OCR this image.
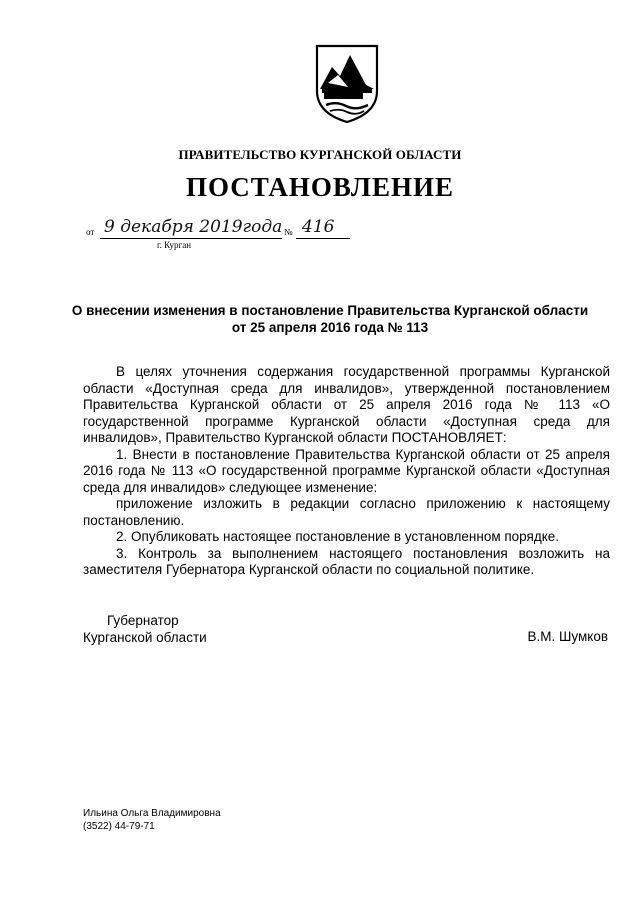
ПРАВИТЕЛЬСТВО КУРГАНСКОЙ ОБЛАСТИ
ПОСТАНОВЛЕНИЕ
от 9 декабря 2019года № 416
г. Курган
О внесении изменения в постановление Правительства Курганской области
от 25 апреля 2016 года № 113

В целях уточнения содержания государственной программы Курганской области «Доступная среда для инвалидов», утвержденной постановлением Правительства Курганской области от 25 апреля 2016 года № 113 «О государственной программе Курганской области «Доступная среда для инвалидов», Правительство Курганской области ПОСТАНОВЛЯЕТ:

1. Внести в постановление Правительства Курганской области от 25 апреля 2016 года № 113 «О государственной программе Курганской области «Доступная среда для инвалидов» следующее изменение:

приложение изложить в редакции согласно приложению к настоящему постановлению.

2. Опубликовать настоящее постановление в установленном порядке.

3. Контроль за выполнением настоящего постановления возложить на заместителя Губернатора Курганской области по социальной политике.

Губернатор
Курганской области	В.М. Шумков
Ильина Ольга Владимировна
(3522) 44-79-71
